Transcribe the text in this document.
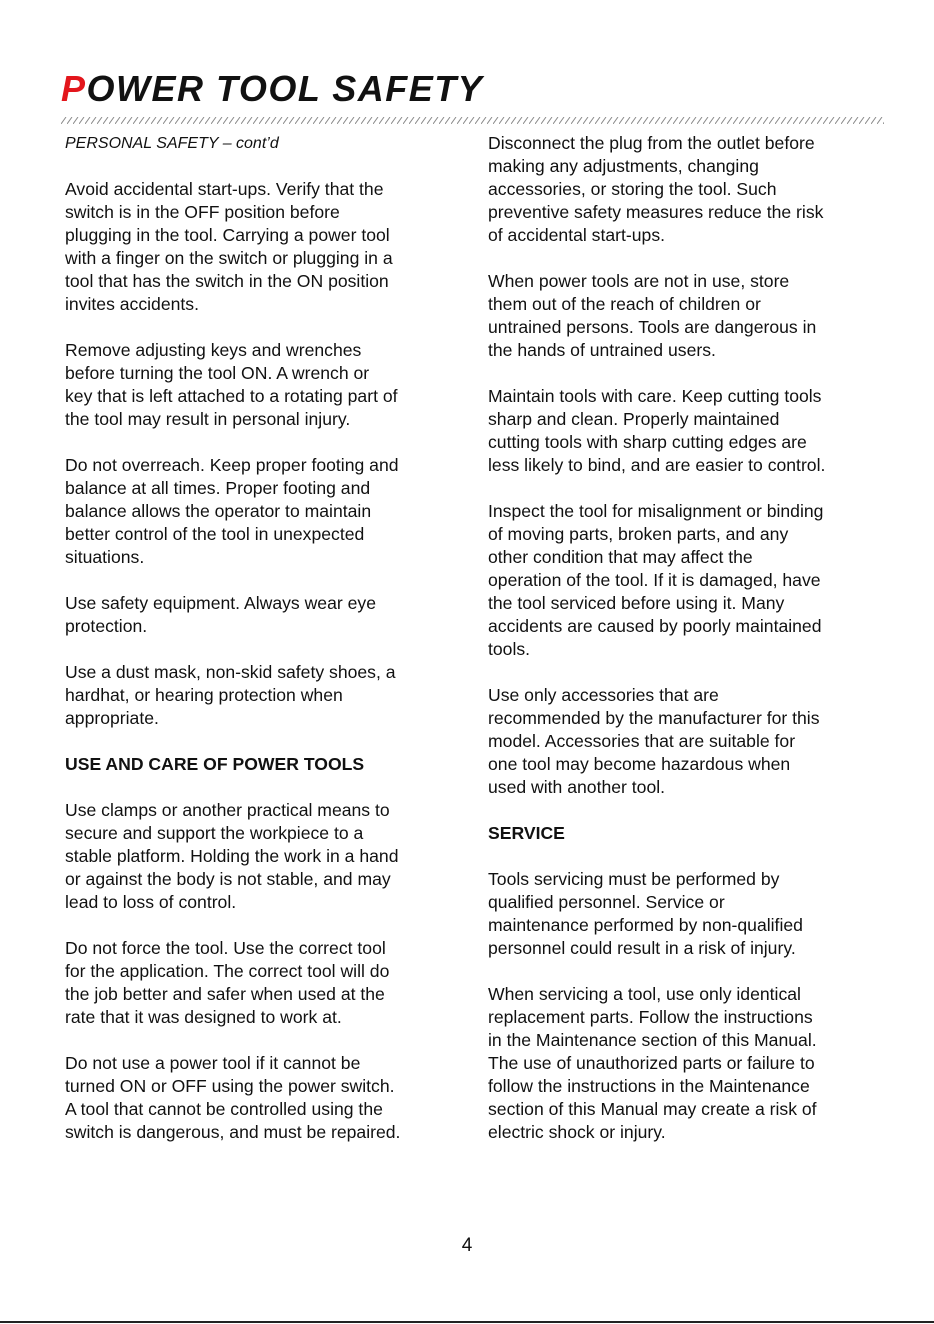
POWER TOOL SAFETY

PERSONAL SAFETY – cont’d

Avoid accidental start-ups. Verify that the
switch is in the OFF position before
plugging in the tool. Carrying a power tool
with a finger on the switch or plugging in a
tool that has the switch in the ON position
invites accidents.

Remove adjusting keys and wrenches
before turning the tool ON. A wrench or
key that is left attached to a rotating part of
the tool may result in personal injury.

Do not overreach. Keep proper footing and
balance at all times. Proper footing and
balance allows the operator to maintain
better control of the tool in unexpected
situations.

Use safety equipment. Always wear eye
protection.

Use a dust mask, non-skid safety shoes, a
hardhat, or hearing protection when
appropriate.

USE AND CARE OF POWER TOOLS

Use clamps or another practical means to
secure and support the workpiece to a
stable platform. Holding the work in a hand
or against the body is not stable, and may
lead to loss of control.

Do not force the tool. Use the correct tool
for the application. The correct tool will do
the job better and safer when used at the
rate that it was designed to work at.

Do not use a power tool if it cannot be
turned ON or OFF using the power switch.
A tool that cannot be controlled using the
switch is dangerous, and must be repaired.

Disconnect the plug from the outlet before
making any adjustments, changing
accessories, or storing the tool. Such
preventive safety measures reduce the risk
of accidental start-ups.

When power tools are not in use, store
them out of the reach of children or
untrained persons. Tools are dangerous in
the hands of untrained users.

Maintain tools with care. Keep cutting tools
sharp and clean. Properly maintained
cutting tools with sharp cutting edges are
less likely to bind, and are easier to control.

Inspect the tool for misalignment or binding
of moving parts, broken parts, and any
other condition that may affect the
operation of the tool. If it is damaged, have
the tool serviced before using it. Many
accidents are caused by poorly maintained
tools.

Use only accessories that are
recommended by the manufacturer for this
model. Accessories that are suitable for
one tool may become hazardous when
used with another tool.

SERVICE

Tools servicing must be performed by
qualified personnel. Service or
maintenance performed by non-qualified
personnel could result in a risk of injury.

When servicing a tool, use only identical
replacement parts. Follow the instructions
in the Maintenance section of this Manual.
The use of unauthorized parts or failure to
follow the instructions in the Maintenance
section of this Manual may create a risk of
electric shock or injury.

4
